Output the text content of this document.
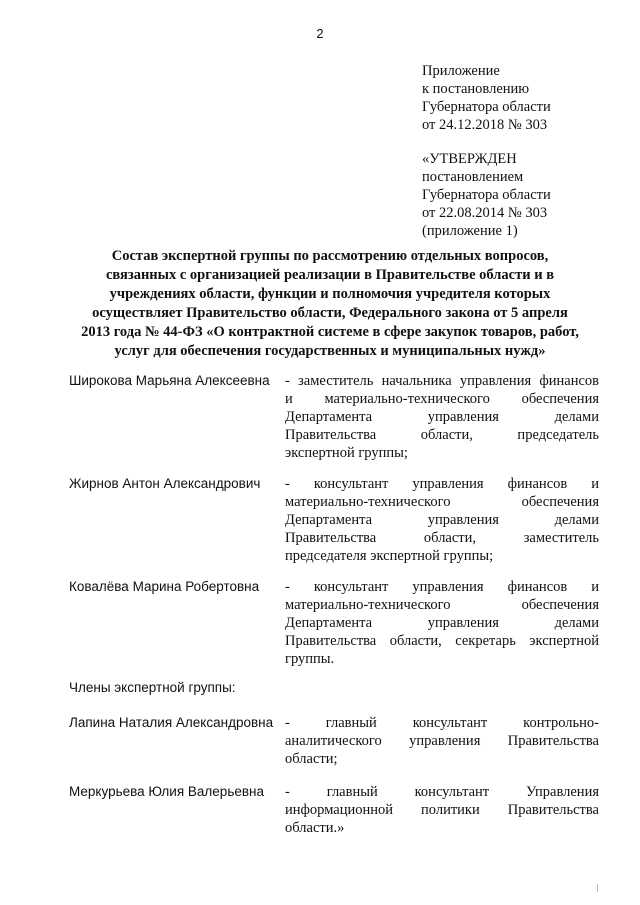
2
Приложение
к постановлению
Губернатора области
от 24.12.2018 № 303
«УТВЕРЖДЕН
постановлением
Губернатора области
от 22.08.2014 № 303
(приложение 1)
Состав экспертной группы по рассмотрению отдельных вопросов,
связанных с организацией реализации в Правительстве области и в
учреждениях области, функции и полномочия учредителя которых
осуществляет Правительство области, Федерального закона от 5 апреля
2013 года № 44-ФЗ «О контрактной системе в сфере закупок товаров, работ,
услуг для обеспечения государственных и муниципальных нужд»
Широкова Марьяна Алексеевна - заместитель начальника управления финансов
и материально-технического обеспечения
Департамента управления делами
Правительства области, председатель
экспертной группы;
Жирнов Антон Александрович - консультант управления финансов и
материально-технического обеспечения
Департамента управления делами
Правительства области, заместитель
председателя экспертной группы;
Ковалёва Марина Робертовна - консультант управления финансов и
материально-технического обеспечения
Департамента управления делами
Правительства области, секретарь экспертной
группы.
Члены экспертной группы:
Лапина Наталия Александровна - главный консультант контрольно-
аналитического управления Правительства
области;
Меркурьева Юлия Валерьевна - главный консультант Управления
информационной политики Правительства
области.»
